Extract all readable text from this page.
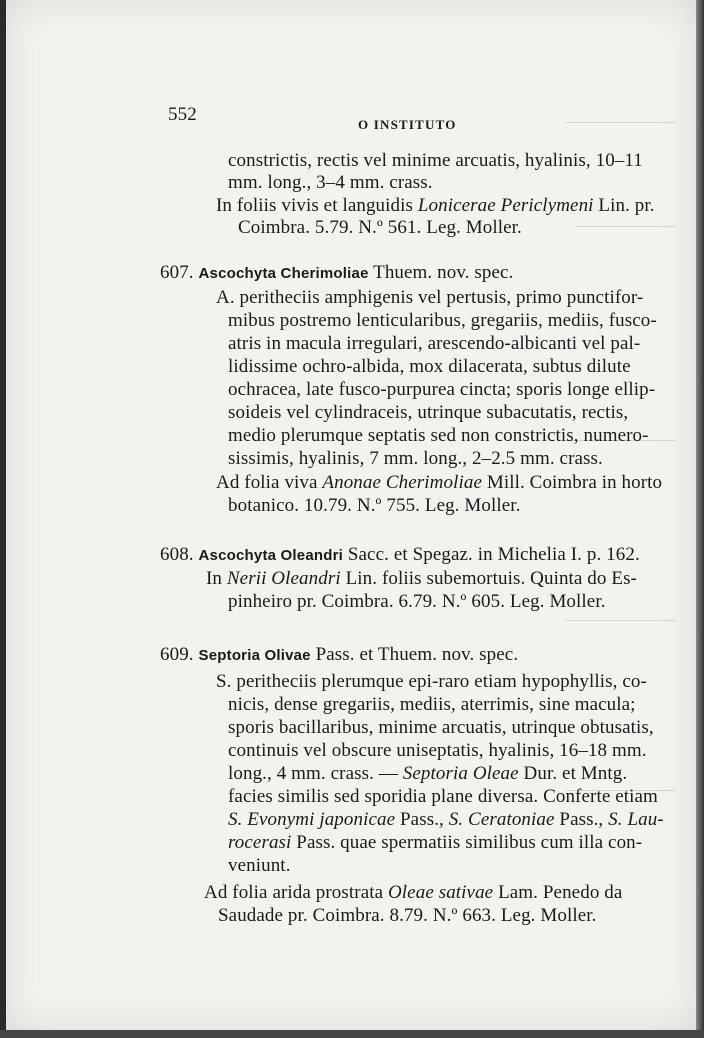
552	O INSTITUTO
constrictis, rectis vel minime arcuatis, hyalinis, 10–11
mm. long., 3–4 mm. crass.
In foliis vivis et languidis Lonicerae Periclymeni Lin. pr.
Coimbra. 5.79. N.º 561. Leg. Moller.
607. Ascochyta Cherimoliae Thuem. nov. spec.
A. peritheciis amphigenis vel pertusis, primo punctifor-
mibus postremo lenticularibus, gregariis, mediis, fusco-
atris in macula irregulari, arescendo-albicanti vel pal-
lidissime ochro-albida, mox dilacerata, subtus dilute
ochracea, late fusco-purpurea cincta; sporis longe ellip-
soideis vel cylindraceis, utrinque subacutatis, rectis,
medio plerumque septatis sed non constrictis, numero-
sissimis, hyalinis, 7 mm. long., 2–2.5 mm. crass.
Ad folia viva Anonae Cherimoliae Mill. Coimbra in horto
botanico. 10.79. N.º 755. Leg. Moller.
608. Ascochyta Oleandri Sacc. et Spegaz. in Michelia I. p. 162.
In Nerii Oleandri Lin. foliis subemortuis. Quinta do Es-
pinheiro pr. Coimbra. 6.79. N.º 605. Leg. Moller.
609. Septoria Olivae Pass. et Thuem. nov. spec.
S. peritheciis plerumque epi-raro etiam hypophyllis, co-
nicis, dense gregariis, mediis, aterrimis, sine macula;
sporis bacillaribus, minime arcuatis, utrinque obtusatis,
continuis vel obscure uniseptatis, hyalinis, 16–18 mm.
long., 4 mm. crass. — Septoria Oleae Dur. et Mntg.
facies similis sed sporidia plane diversa. Conferte etiam
S. Evonymi japonicae Pass., S. Ceratoniae Pass., S. Lau-
rocerasi Pass. quae spermatiis similibus cum illa con-
veniunt.
Ad folia arida prostrata Oleae sativae Lam. Penedo da
Saudade pr. Coimbra. 8.79. N.º 663. Leg. Moller.
